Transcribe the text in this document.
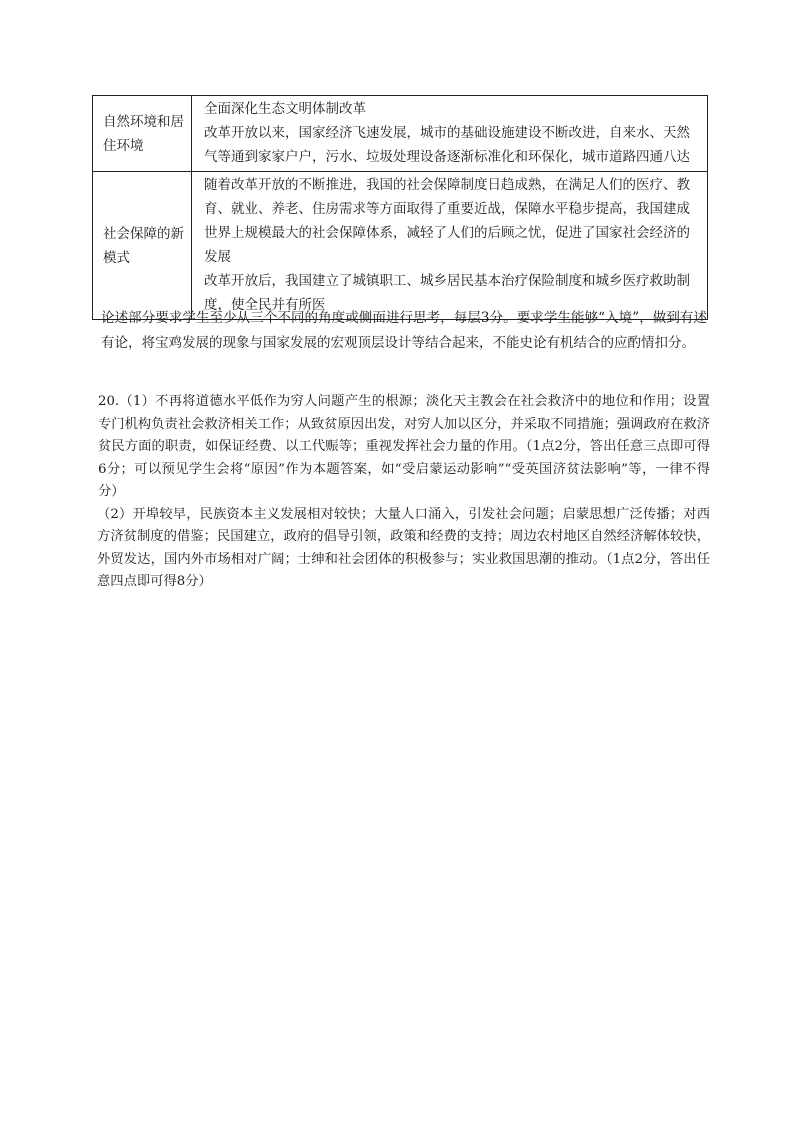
自然环境和居住环境	全面深化生态文明体制改革

改革开放以来，国家经济飞速发展，城市的基础设施建设不断改进，自来水、天然气等通到家家户户，污水、垃圾处理设备逐渐标准化和环保化，城市道路四通八达

社会保障的新模式	随着改革开放的不断推进，我国的社会保障制度日趋成熟，在满足人们的医疗、教育、就业、养老、住房需求等方面取得了重要近战，保障水平稳步提高，我国建成世界上规模最大的社会保障体系，减轻了人们的后顾之忧，促进了国家社会经济的发展

改革开放后，我国建立了城镇职工、城乡居民基本治疗保险制度和城乡医疗救助制度，使全民并有所医

论述部分要求学生至少从三个不同的角度或侧面进行思考，每层3分。要求学生能够“入境”，做到有述有论，将宝鸡发展的现象与国家发展的宏观顶层设计等结合起来，不能史论有机结合的应酌情扣分。

20.（1）不再将道德水平低作为穷人问题产生的根源；淡化天主教会在社会救济中的地位和作用；设置专门机构负责社会救济相关工作；从致贫原因出发，对穷人加以区分，并采取不同措施；强调政府在救济贫民方面的职责，如保证经费、以工代赈等；重视发挥社会力量的作用。（1点2分，答出任意三点即可得6分；可以预见学生会将“原因”作为本题答案，如“受启蒙运动影响”“受英国济贫法影响”等，一律不得分）

（2）开埠较早，民族资本主义发展相对较快；大量人口涌入，引发社会问题；启蒙思想广泛传播；对西方济贫制度的借鉴；民国建立，政府的倡导引领，政策和经费的支持；周边农村地区自然经济解体较快，外贸发达，国内外市场相对广阔；士绅和社会团体的积极参与；实业救国思潮的推动。（1点2分，答出任意四点即可得8分）
